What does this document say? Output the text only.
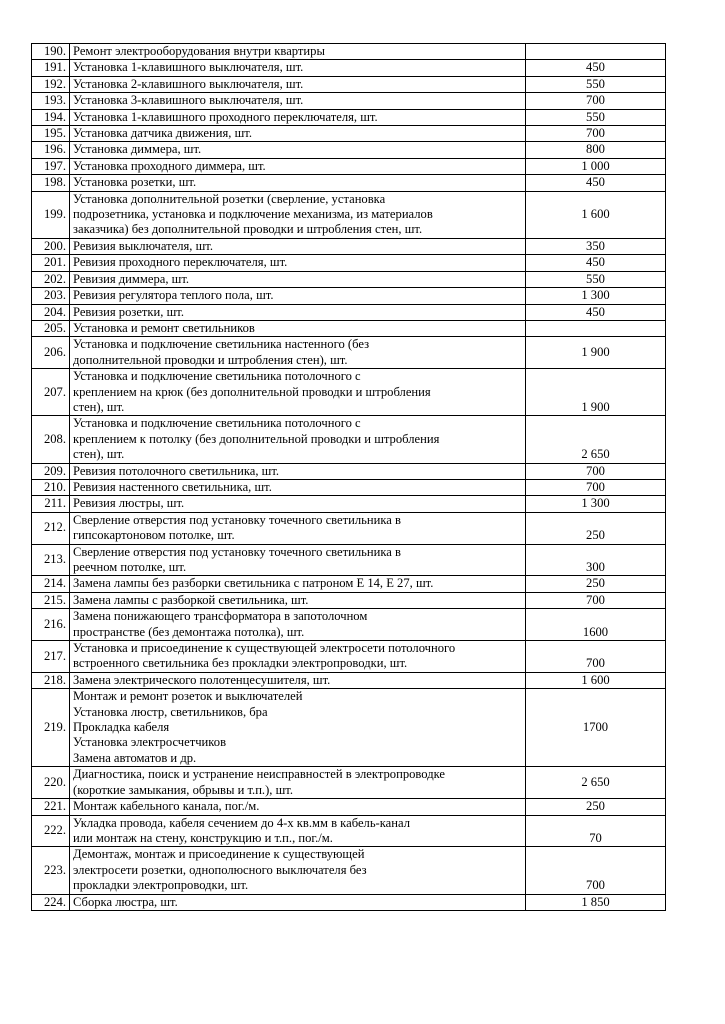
190.	Ремонт электрооборудования внутри квартиры	

191.	Установка 1-клавишного выключателя, шт.	450
192.	Установка 2-клавишного выключателя, шт.	550
193.	Установка 3-клавишного выключателя, шт.	700
194.	Установка 1-клавишного проходного переключателя, шт.	550
195.	Установка датчика движения, шт.	700
196.	Установка диммера, шт.	800
197.	Установка проходного диммера, шт.	1 000
198.	Установка розетки, шт.	450
199.	Установка дополнительной розетки (сверление, установка
подрозетника, установка и подключение механизма, из материалов
заказчика) без дополнительной проводки и штробления стен, шт.	1 600
200.	Ревизия выключателя, шт.	350
201.	Ревизия проходного переключателя, шт.	450
202.	Ревизия диммера, шт.	550
203.	Ревизия регулятора теплого пола, шт.	1 300
204.	Ревизия розетки, шт.	450
205.	Установка и ремонт светильников	

206.	Установка и подключение светильника настенного (без
дополнительной проводки и штробления стен), шт.	1 900
207.	Установка и подключение светильника потолочного с
креплением на крюк (без дополнительной проводки и штробления
стен), шт.	1 900
208.	Установка и подключение светильника потолочного с
креплением к потолку (без дополнительной проводки и штробления
стен), шт.	2 650
209.	Ревизия потолочного светильника, шт.	700
210.	Ревизия настенного светильника, шт.	700
211.	Ревизия люстры, шт.	1 300
212.	Сверление отверстия под установку точечного светильника в
гипсокартоновом потолке, шт.	250
213.	Сверление отверстия под установку точечного светильника в
реечном потолке, шт.	300
214.	Замена лампы без разборки светильника с патроном Е 14, Е 27, шт.	250
215.	Замена лампы с разборкой светильника, шт.	700
216.	Замена понижающего трансформатора в запотолочном
пространстве (без демонтажа потолка), шт.	1600
217.	Установка и присоединение к существующей электросети потолочного
встроенного светильника без прокладки электропроводки, шт.	700
218.	Замена электрического полотенцесушителя, шт.	1 600
219.	Монтаж и ремонт розеток и выключателей
Установка люстр, светильников, бра
Прокладка кабеля
Установка электросчетчиков
Замена автоматов и др.	1700
220.	Диагностика, поиск и устранение неисправностей в электропроводке
(короткие замыкания, обрывы и т.п.), шт.	2 650
221.	Монтаж кабельного канала, пог./м.	250
222.	Укладка провода, кабеля сечением до 4-х кв.мм в кабель-канал
или монтаж на стену, конструкцию и т.п., пог./м.	70
223.	Демонтаж, монтаж и присоединение к существующей
электросети розетки, однополюсного выключателя без
прокладки электропроводки, шт.	700
224.	Сборка люстра, шт.	1 850
